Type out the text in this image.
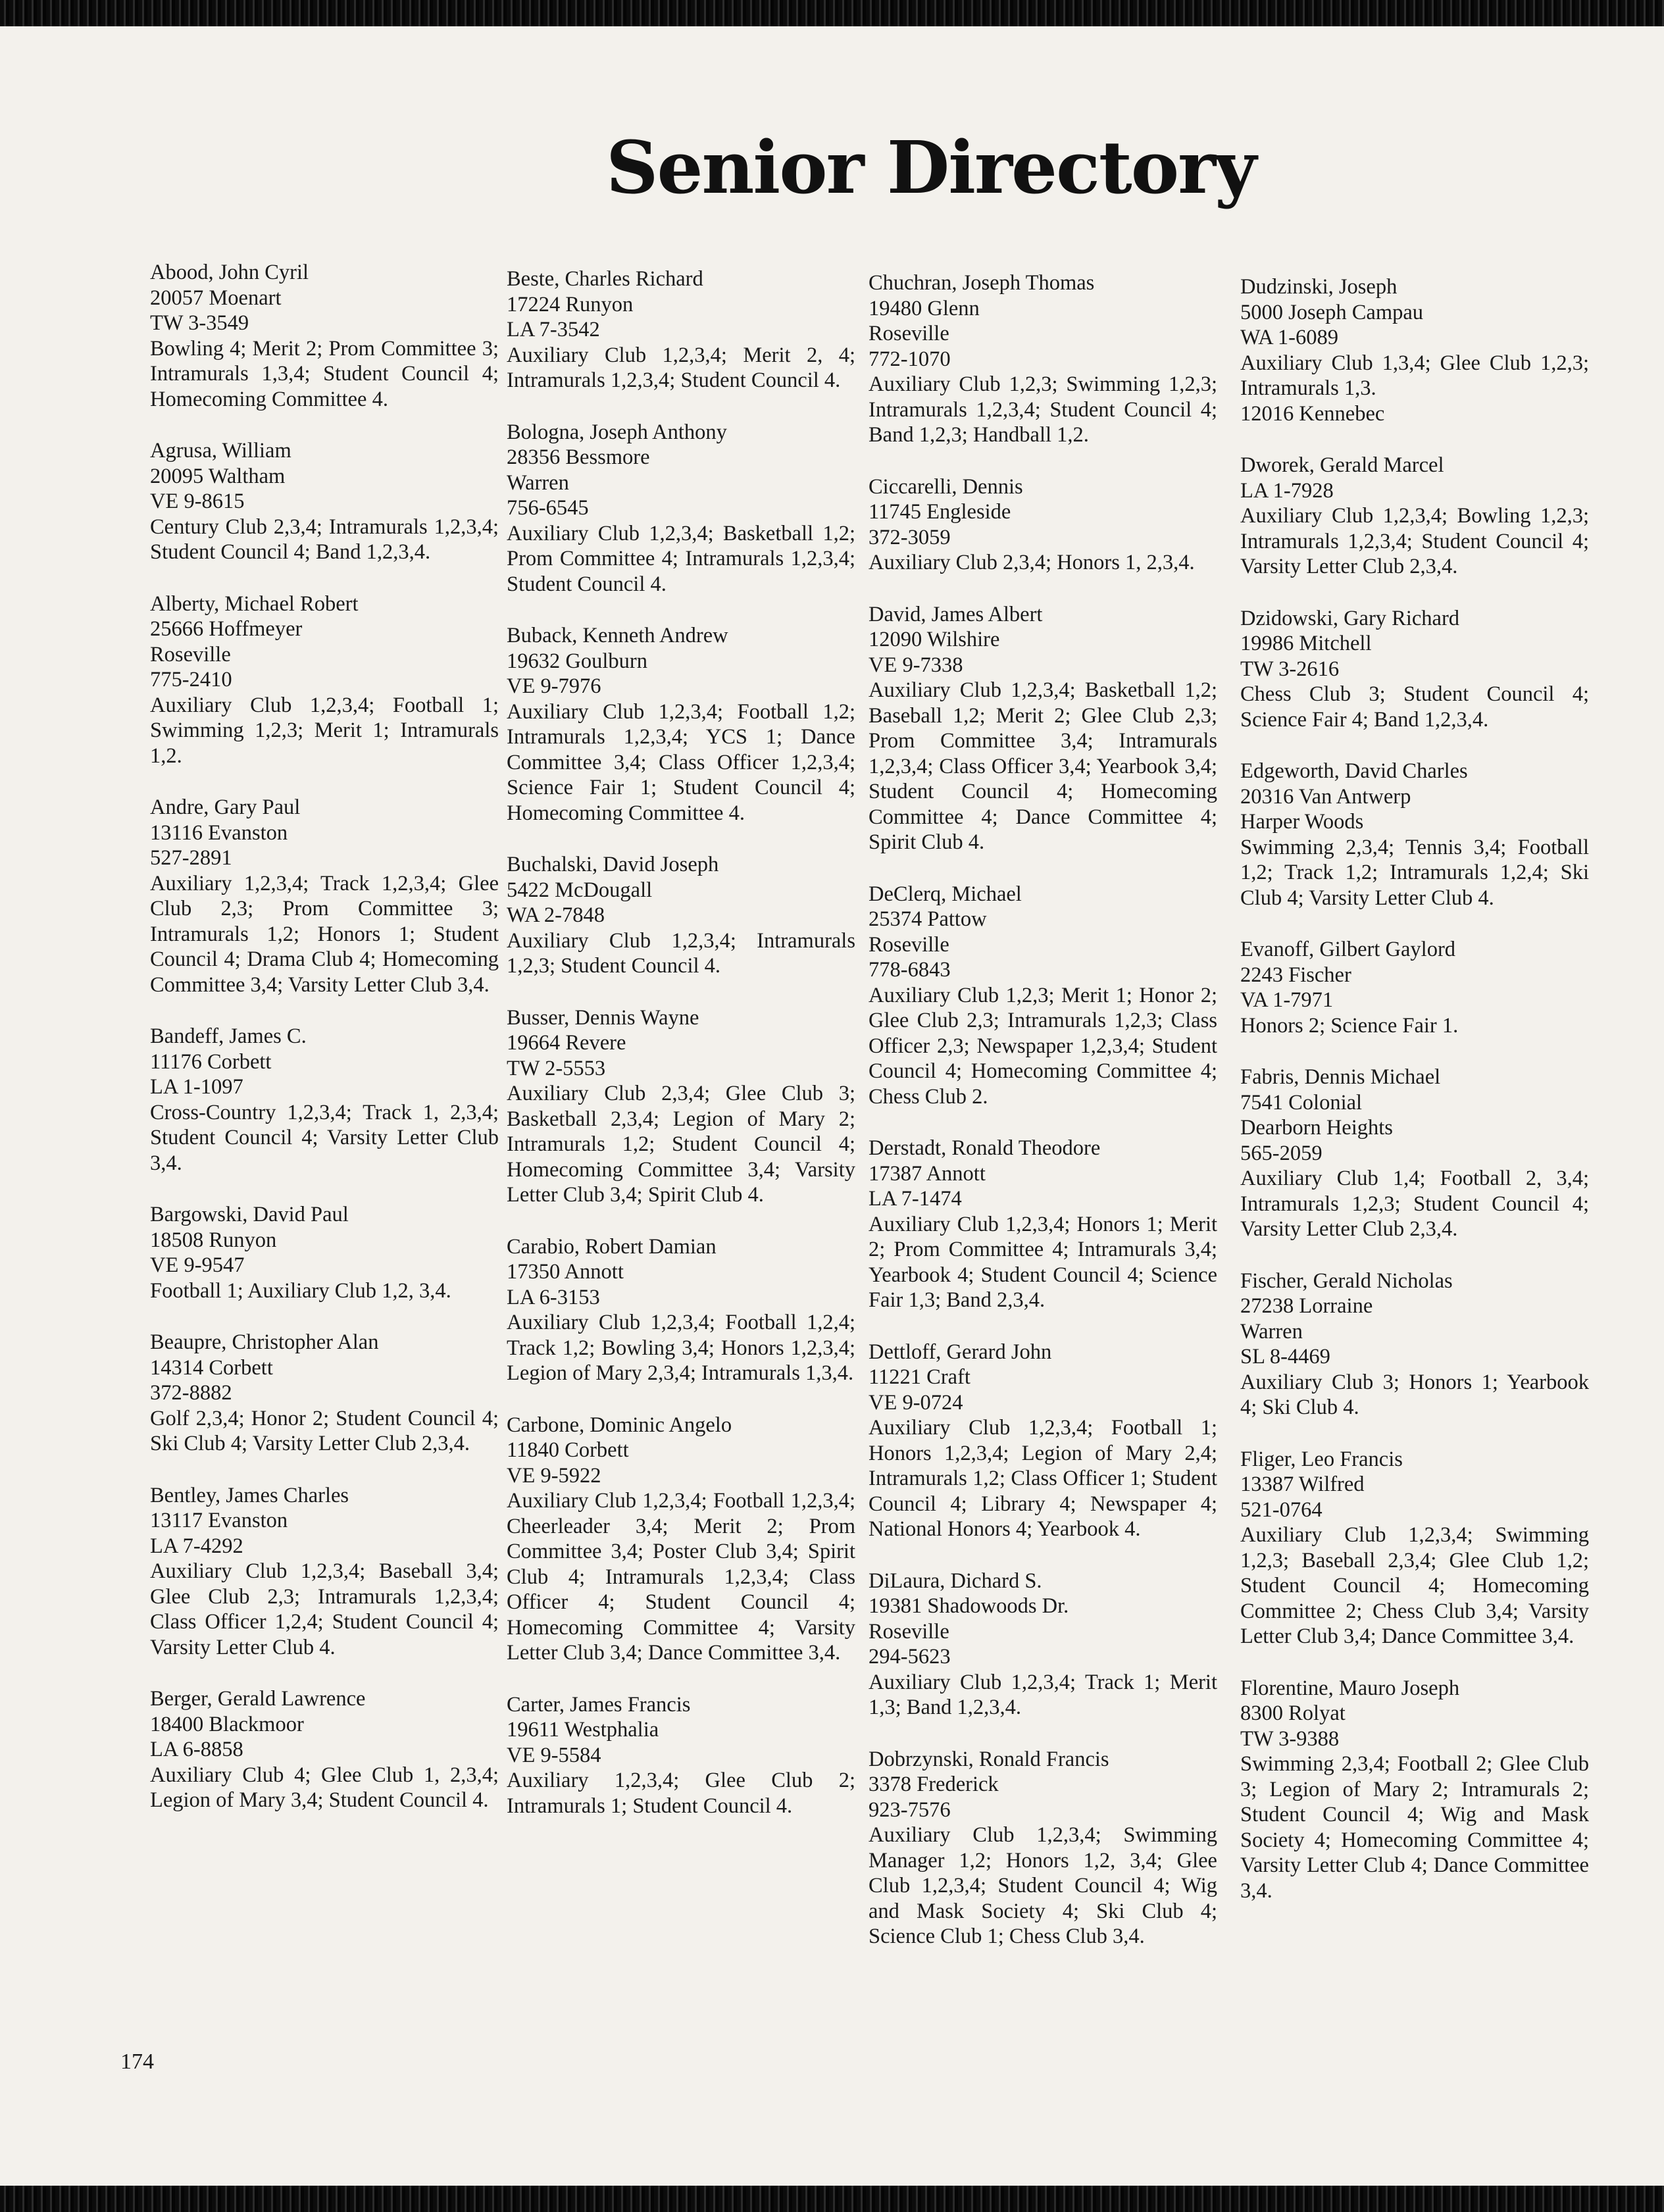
Senior Directory
Abood, John Cyril
20057 Moenart
TW 3-3549
Bowling 4; Merit 2; Prom Committee 3; Intramurals 1,3,4; Student Council 4; Homecoming Committee 4.
Agrusa, William
20095 Waltham
VE 9-8615
Century Club 2,3,4; Intramurals 1,2,3,4; Student Council 4; Band 1,2,3,4.
Alberty, Michael Robert
25666 Hoffmeyer
Roseville
775-2410
Auxiliary Club 1,2,3,4; Football 1; Swimming 1,2,3; Merit 1; Intramurals 1,2.
Andre, Gary Paul
13116 Evanston
527-2891
Auxiliary 1,2,3,4; Track 1,2,3,4; Glee Club 2,3; Prom Committee 3; Intramurals 1,2; Honors 1; Student Council 4; Drama Club 4; Homecoming Committee 3,4; Varsity Letter Club 3,4.
Bandeff, James C.
11176 Corbett
LA 1-1097
Cross-Country 1,2,3,4; Track 1, 2,3,4; Student Council 4; Varsity Letter Club 3,4.
Bargowski, David Paul
18508 Runyon
VE 9-9547
Football 1; Auxiliary Club 1,2, 3,4.
Beaupre, Christopher Alan
14314 Corbett
372-8882
Golf 2,3,4; Honor 2; Student Council 4; Ski Club 4; Varsity Letter Club 2,3,4.
Bentley, James Charles
13117 Evanston
LA 7-4292
Auxiliary Club 1,2,3,4; Baseball 3,4; Glee Club 2,3; Intramurals 1,2,3,4; Class Officer 1,2,4; Student Council 4; Varsity Letter Club 4.
Berger, Gerald Lawrence
18400 Blackmoor
LA 6-8858
Auxiliary Club 4; Glee Club 1, 2,3,4; Legion of Mary 3,4; Student Council 4.
Beste, Charles Richard
17224 Runyon
LA 7-3542
Auxiliary Club 1,2,3,4; Merit 2, 4; Intramurals 1,2,3,4; Student Council 4.
Bologna, Joseph Anthony
28356 Bessmore
Warren
756-6545
Auxiliary Club 1,2,3,4; Basketball 1,2; Prom Committee 4; Intramurals 1,2,3,4; Student Council 4.
Buback, Kenneth Andrew
19632 Goulburn
VE 9-7976
Auxiliary Club 1,2,3,4; Football 1,2; Intramurals 1,2,3,4; YCS 1; Dance Committee 3,4; Class Officer 1,2,3,4; Science Fair 1; Student Council 4; Homecoming Committee 4.
Buchalski, David Joseph
5422 McDougall
WA 2-7848
Auxiliary Club 1,2,3,4; Intramurals 1,2,3; Student Council 4.
Busser, Dennis Wayne
19664 Revere
TW 2-5553
Auxiliary Club 2,3,4; Glee Club 3; Basketball 2,3,4; Legion of Mary 2; Intramurals 1,2; Student Council 4; Homecoming Committee 3,4; Varsity Letter Club 3,4; Spirit Club 4.
Carabio, Robert Damian
17350 Annott
LA 6-3153
Auxiliary Club 1,2,3,4; Football 1,2,4; Track 1,2; Bowling 3,4; Honors 1,2,3,4; Legion of Mary 2,3,4; Intramurals 1,3,4.
Carbone, Dominic Angelo
11840 Corbett
VE 9-5922
Auxiliary Club 1,2,3,4; Football 1,2,3,4; Cheerleader 3,4; Merit 2; Prom Committee 3,4; Poster Club 3,4; Spirit Club 4; Intramurals 1,2,3,4; Class Officer 4; Student Council 4; Homecoming Committee 4; Varsity Letter Club 3,4; Dance Committee 3,4.
Carter, James Francis
19611 Westphalia
VE 9-5584
Auxiliary 1,2,3,4; Glee Club 2; Intramurals 1; Student Council 4.
Chuchran, Joseph Thomas
19480 Glenn
Roseville
772-1070
Auxiliary Club 1,2,3; Swimming 1,2,3; Intramurals 1,2,3,4; Student Council 4; Band 1,2,3; Handball 1,2.
Ciccarelli, Dennis
11745 Engleside
372-3059
Auxiliary Club 2,3,4; Honors 1, 2,3,4.
David, James Albert
12090 Wilshire
VE 9-7338
Auxiliary Club 1,2,3,4; Basketball 1,2; Baseball 1,2; Merit 2; Glee Club 2,3; Prom Committee 3,4; Intramurals 1,2,3,4; Class Officer 3,4; Yearbook 3,4; Student Council 4; Homecoming Committee 4; Dance Committee 4; Spirit Club 4.
DeClerq, Michael
25374 Pattow
Roseville
778-6843
Auxiliary Club 1,2,3; Merit 1; Honor 2; Glee Club 2,3; Intramurals 1,2,3; Class Officer 2,3; Newspaper 1,2,3,4; Student Council 4; Homecoming Committee 4; Chess Club 2.
Derstadt, Ronald Theodore
17387 Annott
LA 7-1474
Auxiliary Club 1,2,3,4; Honors 1; Merit 2; Prom Committee 4; Intramurals 3,4; Yearbook 4; Student Council 4; Science Fair 1,3; Band 2,3,4.
Dettloff, Gerard John
11221 Craft
VE 9-0724
Auxiliary Club 1,2,3,4; Football 1; Honors 1,2,3,4; Legion of Mary 2,4; Intramurals 1,2; Class Officer 1; Student Council 4; Library 4; Newspaper 4; National Honors 4; Yearbook 4.
DiLaura, Dichard S.
19381 Shadowoods Dr.
Roseville
294-5623
Auxiliary Club 1,2,3,4; Track 1; Merit 1,3; Band 1,2,3,4.
Dobrzynski, Ronald Francis
3378 Frederick
923-7576
Auxiliary Club 1,2,3,4; Swimming Manager 1,2; Honors 1,2, 3,4; Glee Club 1,2,3,4; Student Council 4; Wig and Mask Society 4; Ski Club 4; Science Club 1; Chess Club 3,4.
Dudzinski, Joseph
5000 Joseph Campau
WA 1-6089
Auxiliary Club 1,3,4; Glee Club 1,2,3; Intramurals 1,3.
12016 Kennebec
Dworek, Gerald Marcel
LA 1-7928
Auxiliary Club 1,2,3,4; Bowling 1,2,3; Intramurals 1,2,3,4; Student Council 4; Varsity Letter Club 2,3,4.
Dzidowski, Gary Richard
19986 Mitchell
TW 3-2616
Chess Club 3; Student Council 4; Science Fair 4; Band 1,2,3,4.
Edgeworth, David Charles
20316 Van Antwerp
Harper Woods
Swimming 2,3,4; Tennis 3,4; Football 1,2; Track 1,2; Intramurals 1,2,4; Ski Club 4; Varsity Letter Club 4.
Evanoff, Gilbert Gaylord
2243 Fischer
VA 1-7971
Honors 2; Science Fair 1.
Fabris, Dennis Michael
7541 Colonial
Dearborn Heights
565-2059
Auxiliary Club 1,4; Football 2, 3,4; Intramurals 1,2,3; Student Council 4; Varsity Letter Club 2,3,4.
Fischer, Gerald Nicholas
27238 Lorraine
Warren
SL 8-4469
Auxiliary Club 3; Honors 1; Yearbook 4; Ski Club 4.
Fliger, Leo Francis
13387 Wilfred
521-0764
Auxiliary Club 1,2,3,4; Swimming 1,2,3; Baseball 2,3,4; Glee Club 1,2; Student Council 4; Homecoming Committee 2; Chess Club 3,4; Varsity Letter Club 3,4; Dance Committee 3,4.
Florentine, Mauro Joseph
8300 Rolyat
TW 3-9388
Swimming 2,3,4; Football 2; Glee Club 3; Legion of Mary 2; Intramurals 2; Student Council 4; Wig and Mask Society 4; Homecoming Committee 4; Varsity Letter Club 4; Dance Committee 3,4.
174
